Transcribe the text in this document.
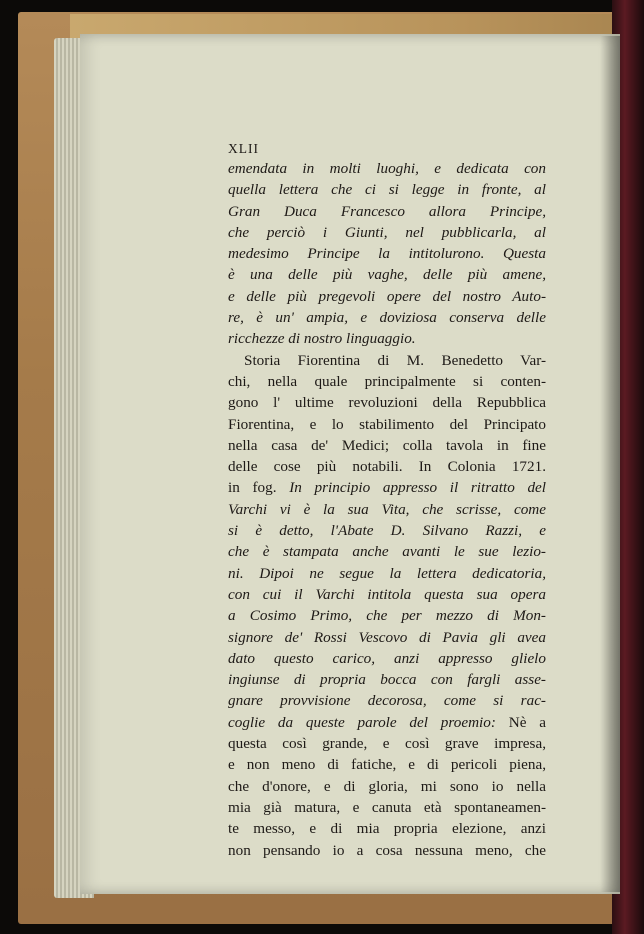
XLII
emendata in molti luoghi, e dedicata con
quella lettera che ci si legge in fronte, al
Gran Duca Francesco allora Principe,
che perciò i Giunti, nel pubblicarla, al
medesimo Principe la intitolurono. Questa
è una delle più vaghe, delle più amene,
e delle più pregevoli opere del nostro Auto-
re, è un' ampia, e doviziosa conserva delle
ricchezze di nostro linguaggio.
Storia Fiorentina di M. Benedetto Var-
chi, nella quale principalmente si conten-
gono l' ultime revoluzioni della Repubblica
Fiorentina, e lo stabilimento del Principato
nella casa de' Medici; colla tavola in fine
delle cose più notabili. In Colonia 1721.
in fog. In principio appresso il ritratto del
Varchi vi è la sua Vita, che scrisse, come
si è detto, l'Abate D. Silvano Razzi, e
che è stampata anche avanti le sue lezio-
ni. Dipoi ne segue la lettera dedicatoria,
con cui il Varchi intitola questa sua opera
a Cosimo Primo, che per mezzo di Mon-
signore de' Rossi Vescovo di Pavia gli avea
dato questo carico, anzi appresso glielo
ingiunse di propria bocca con fargli asse-
gnare provvisione decorosa, come si rac-
coglie da queste parole del proemio: Nè a
questa così grande, e così grave impresa,
e non meno di fatiche, e di pericoli piena,
che d'onore, e di gloria, mi sono io nella
mia già matura, e canuta età spontaneamen-
te messo, e di mia propria elezione, anzi
non pensando io a cosa nessuna meno, che
